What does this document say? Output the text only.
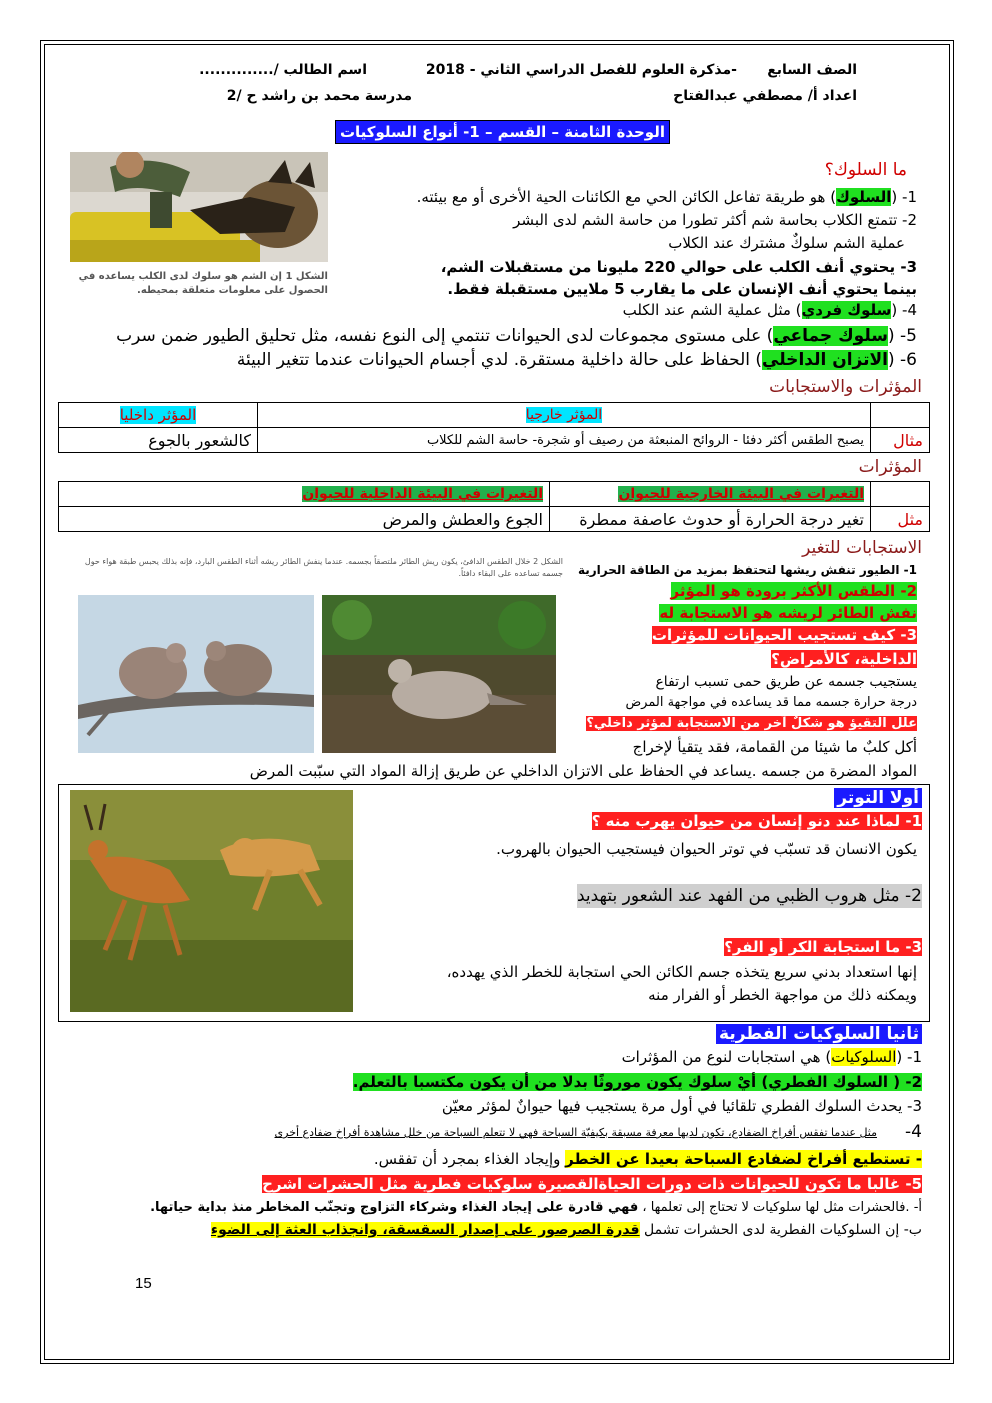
الصف السابع
-مذكرة العلوم للفصل الدراسي الثاني - 2018
اسم الطالب /..............
اعداد أ/ مصطفي عبدالفتاح
مدرسة محمد بن راشد ح /2
الوحدة الثامنة – القسم – 1- أنواع السلوكيات
الشكل 1 إن الشم هو سلوك لدى الكلب يساعده في الحصول على معلومات متعلقة بمحيطه.
ما السلوك؟
1- (السلوك) هو طريقة تفاعل الكائن الحي مع الكائنات الحية الأخرى أو مع بيئته.
2- تتمتع الكلاب بحاسة شم أكثر تطورا من حاسة الشم لدى البشر
عملية الشم سلوكٌ مشترك عند الكلاب
3- يحتوي أنف الكلب على حوالي 220 مليونا من مستقبلات الشم،
بينما يحتوي أنف الإنسان على ما يقارب 5 ملايين مستقبلة فقط.
4- (سلوك فردي) مثل عملية الشم عند الكلب
5- (سلوك جماعي) على مستوى مجموعات لدى الحيوانات تنتمي إلى النوع نفسه، مثل تحليق الطيور ضمن سرب
6- (الاتزان الداخلي) الحفاظ على حالة داخلية مستقرة. لدي أجسام الحيوانات عندما تتغير البيئة
المؤثرات والاستجابات
	المؤثر خارجيا	المؤثر داخليا
مثال	يصبح الطقس أكثر دفئا - الروائح المنبعثة من رصيف أو شجرة- حاسة الشم للكلاب	كالشعور بالجوع
المؤثرات
	التغيرات في البيئة الخارجية للحيوان	التغيرات في البيئة الداخلية للحيوان
مثل	تغير درجة الحرارة أو حدوث عاصفة ممطرة	الجوع والعطش والمرض
الاستجابات للتغير
الشكل 2 خلال الطقس الدافئ، يكون ريش الطائر ملتصقاً بجسمه. عندما ينفش الطائر ريشه أثناء الطقس البارد، فإنه بذلك يحبس طبقة هواء حول جسمه تساعده على البقاء دافئاً. 1- الطيور تنفش ريشها لتحتفظ بمزيد من الطاقة الحرارية
2- الطقس الأكثر برودة هو المؤثر
نفش الطائر لريشه هو الاستجابة له
3- كيف تستجيب الحيوانات للمؤثرات
الداخلية، كالأمراض؟
يستجيب جسمه عن طريق حمى تسبب ارتفاع
درجة حرارة جسمه مما قد يساعده في مواجهة المرض
علل التقيؤ هو شكلٌ آخر من الاستجابة لمؤثر داخلي؟
أكل كلبٌ ما شيئا من القمامة، فقد يتقيأ لإخراج
المواد المضرة من جسمه .يساعد في الحفاظ على الاتزان الداخلي عن طريق إزالة المواد التي سبّبت المرض
أولا التوتر
1- لماذا عند دنو إنسان من حيوان يهرب منه ؟
يكون الانسان قد تسبّب في توتر الحيوان فيستجيب الحيوان بالهروب.
2- مثل هروب الظبي من الفهد عند الشعور بتهديد
3- ما استجابة الكر أو الفر؟
إنها استعداد بدني سريع يتخذه جسم الكائن الحي استجابة للخطر الذي يهدده،
ويمكنه ذلك من مواجهة الخطر أو الفرار منه
ثانيا السلوكيات الفطرية
1- (السلوكيات) هي استجابات لنوع من المؤثرات
2- ( السلوك الفطري) أيْ سلوك يكون موروثًا بدلا من أن يكون مكتسبا بالتعلم.
3- يحدث السلوك الفطري تلقائيا في أول مرة يستجيب فيها حيوانٌ لمؤثر معيّن
4-
مثل عندما تفقس أفراخ الضفادع، تكون لديها معرفة مسبقة بكيفيّة السباحة فهي لا تتعلم السباحة من خلل مشاهدة أفراخ ضفادع أخرى
- تستطيع أفراخ لضفادع السباحة بعيدا عن الخطر وإيجاد الغذاء بمجرد أن تفقس.
5- غالبا ما تكون للحيوانات ذات دورات الحياةالقصيرة سلوكيات فطرية مثل الحشرات اشرح
أ- .فالحشرات مثل لها سلوكيات لا تحتاج إلى تعلمها ، فهي قادرة على إيجاد الغذاء وشركاء التزاوج وتجنّب المخاطر منذ بداية حياتها.
ب- إن السلوكيات الفطرية لدى الحشرات تشمل قدرة الصرصور على إصدار السقسقة، وانجذاب العثة إلى الضوء
15
